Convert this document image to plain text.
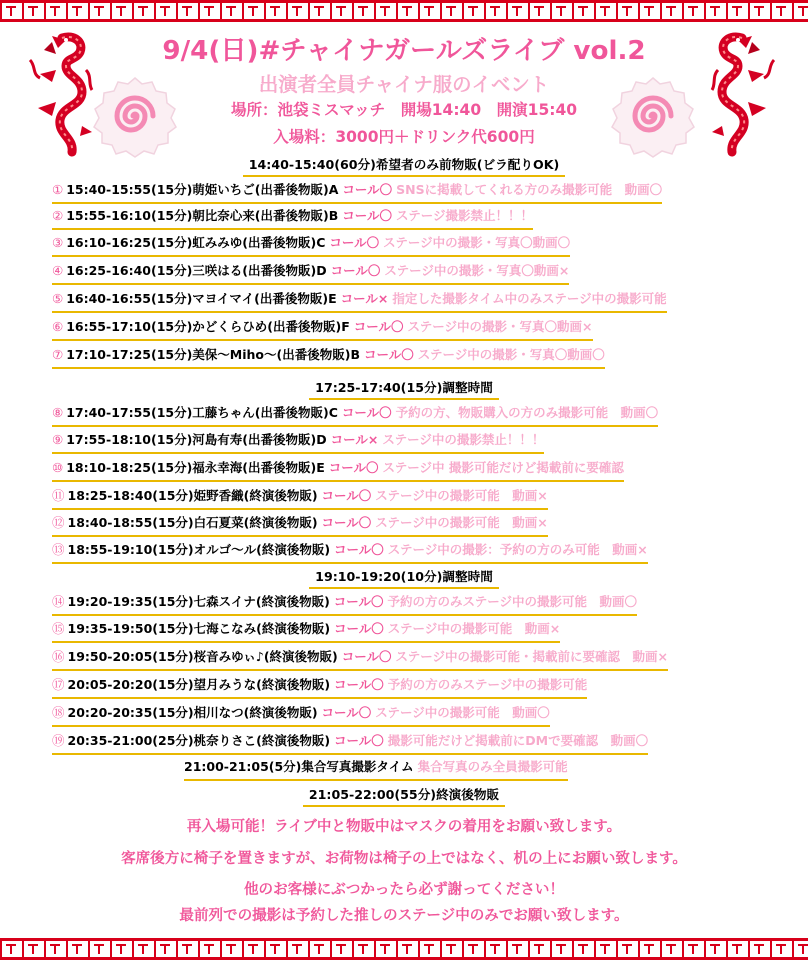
9/4(日)#チャイナガールズライブ vol.2
出演者全員チャイナ服のイベント
場所：池袋ミスマッチ　開場14:40　開演15:40
入場料：3000円＋ドリンク代600円
14:40-15:40(60分)希望者のみ前物販(ビラ配りOK)
17:25-17:40(15分)調整時間
19:10-19:20(10分)調整時間
21:05-22:00(55分)終演後物販
21:00-21:05(5分)集合写真撮影タイム 集合写真のみ全員撮影可能
① 15:40-15:55(15分)萌姫いちご(出番後物販)A コール〇 SNSに掲載してくれる方のみ撮影可能　動画〇
② 15:55-16:10(15分)朝比奈心来(出番後物販)B コール〇 ステージ撮影禁止！！！
③ 16:10-16:25(15分)虹みみゆ(出番後物販)C コール〇 ステージ中の撮影・写真〇動画〇
④ 16:25-16:40(15分)三咲はる(出番後物販)D コール〇 ステージ中の撮影・写真〇動画×
⑤ 16:40-16:55(15分)マヨイマイ(出番後物販)E コール× 指定した撮影タイム中のみステージ中の撮影可能
⑥ 16:55-17:10(15分)かどくらひめ(出番後物販)F コール〇 ステージ中の撮影・写真〇動画×
⑦ 17:10-17:25(15分)美保〜Miho〜(出番後物販)B コール〇 ステージ中の撮影・写真〇動画〇
⑧ 17:40-17:55(15分)工藤ちゃん(出番後物販)C コール〇 予約の方、物販購入の方のみ撮影可能　動画〇
⑨ 17:55-18:10(15分)河島有寿(出番後物販)D コール× ステージ中の撮影禁止！！！
⑩ 18:10-18:25(15分)福永幸海(出番後物販)E コール〇 ステージ中 撮影可能だけど掲載前に要確認
⑪ 18:25-18:40(15分)姫野香織(終演後物販) コール〇 ステージ中の撮影可能　動画×
⑫ 18:40-18:55(15分)白石夏菜(終演後物販) コール〇 ステージ中の撮影可能　動画×
⑬ 18:55-19:10(15分)オルゴ〜ル(終演後物販) コール〇 ステージ中の撮影：予約の方のみ可能　動画×
⑭ 19:20-19:35(15分)七森スイナ(終演後物販) コール〇 予約の方のみステージ中の撮影可能　動画〇
⑮ 19:35-19:50(15分)七海こなみ(終演後物販) コール〇 ステージ中の撮影可能　動画×
⑯ 19:50-20:05(15分)桜音みゆぃ♪(終演後物販) コール〇 ステージ中の撮影可能・掲載前に要確認　動画×
⑰ 20:05-20:20(15分)望月みうな(終演後物販) コール〇 予約の方のみステージ中の撮影可能
⑱ 20:20-20:35(15分)相川なつ(終演後物販) コール〇 ステージ中の撮影可能　動画〇
⑲ 20:35-21:00(25分)桃奈りさこ(終演後物販) コール〇 撮影可能だけど掲載前にDMで要確認　動画〇
再入場可能！ライブ中と物販中はマスクの着用をお願い致します。
客席後方に椅子を置きますが、お荷物は椅子の上ではなく、机の上にお願い致します。
他のお客様にぶつかったら必ず謝ってください！
最前列での撮影は予約した推しのステージ中のみでお願い致します。
